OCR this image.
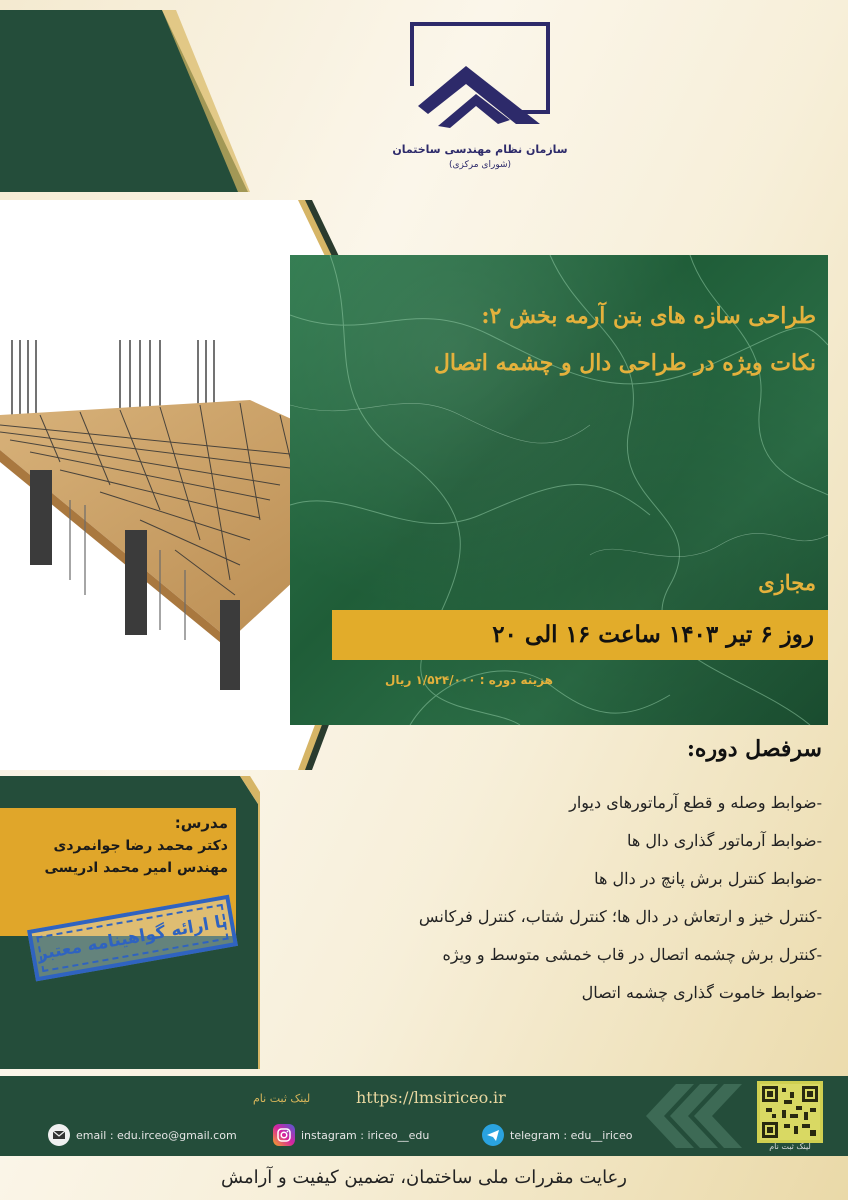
سازمان نظام مهندسی ساختمان
(شورای مرکزی)
طراحی سازه های بتن آرمه بخش ۲:
نکات ویژه در طراحی دال و چشمه اتصال
مجازی
روز ۶ تیر ۱۴۰۳ ساعت ۱۶ الی ۲۰
هزینه دوره : ۱/۵۲۴/۰۰۰ ریال
سرفصل دوره:
-ضوابط وصله و قطع آرماتورهای دیوار
-ضوابط آرماتور گذاری دال ها
-ضوابط کنترل برش پانچ در دال ها
-کنترل خیز و ارتعاش در دال ها؛ کنترل شتاب، کنترل فرکانس
-کنترل برش چشمه اتصال در قاب خمشی متوسط و ویژه
-ضوابط خاموت گذاری چشمه اتصال
مدرس:
دکتر محمد رضا جوانمردی
مهندس امیر محمد ادریسی
با ارائه گواهینامه معتبر
لینک ثبت نام	https://lmsiriceo.ir
لینک ثبت نام
email : edu.irceo@gmail.com	instagram : iriceo__edu	telegram : edu__iriceo
رعایت مقررات ملی ساختمان، تضمین کیفیت و آرامش
